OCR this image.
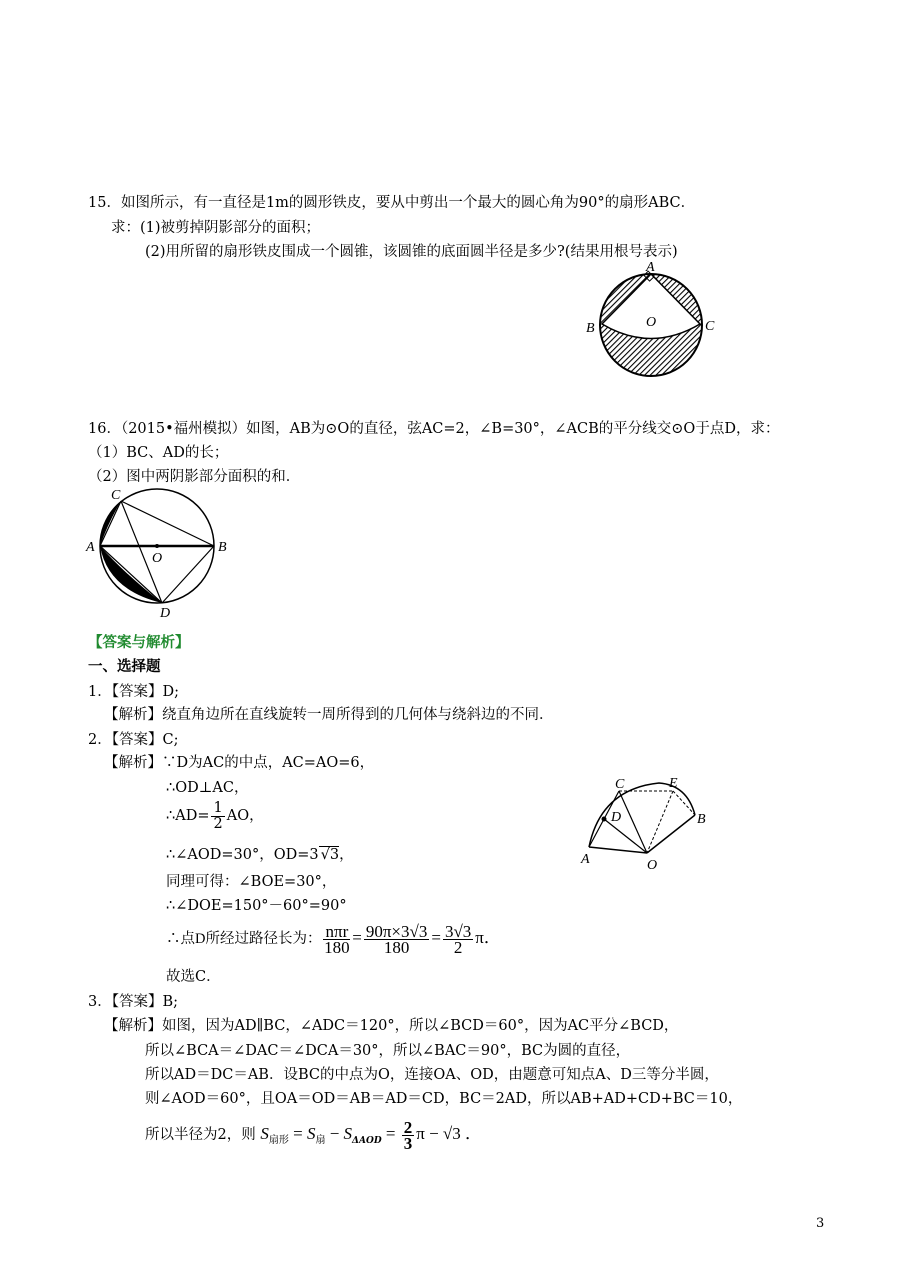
15．如图所示，有一直径是1m的圆形铁皮，要从中剪出一个最大的圆心角为90°的扇形ABC．
求：(1)被剪掉阴影部分的面积；
(2)用所留的扇形铁皮围成一个圆锥，该圆锥的底面圆半径是多少?(结果用根号表示)
A
B	C
O
16．（2015•福州模拟）如图，AB为⊙O的直径，弦AC=2，∠B=30°，∠ACB的平分线交⊙O于点D，求：
（1）BC、AD的长；
（2）图中两阴影部分面积的和．
C
A	B
O
D
【答案与解析】
一、选择题
1．【答案】D;
【解析】绕直角边所在直线旋转一周所得到的几何体与绕斜边的不同．
2．【答案】C;
【解析】∵D为AC的中点，AC=AO=6，
∴OD⊥AC，
∴AD= $\frac{1}{2}$ AO，
∴∠AOD=30°，OD=3 √3，
同理可得：∠BOE=30°，
∴∠DOE=150°－60°=90°
∴点D所经过路径长为： $\frac{\text{nπr}}{180} = \frac{90\pi\times 3√3}{180} = \frac{3√3}{2}$ π．
故选C．
C	E
B
D
A	O
3．【答案】B;
【解析】如图，因为AD∥BC，∠ADC＝120°，所以∠BCD＝60°，因为AC平分∠BCD，
所以∠BCA＝∠DAC＝∠DCA＝30°，所以∠BAC＝90°，BC为圆的直径，
所以AD＝DC＝AB．设BC的中点为O，连接OA、OD，由题意可知点A、D三等分半圆，
则∠AOD＝60°，且OA＝OD＝AB＝AD＝CD，BC＝2AD，所以AB+AD+CD+BC＝10，
所以半径为2，则 $S_{扇形} = S_扇 - S_{\Delta AOD} = \frac{2}{3}$ π − √3 ．
3
